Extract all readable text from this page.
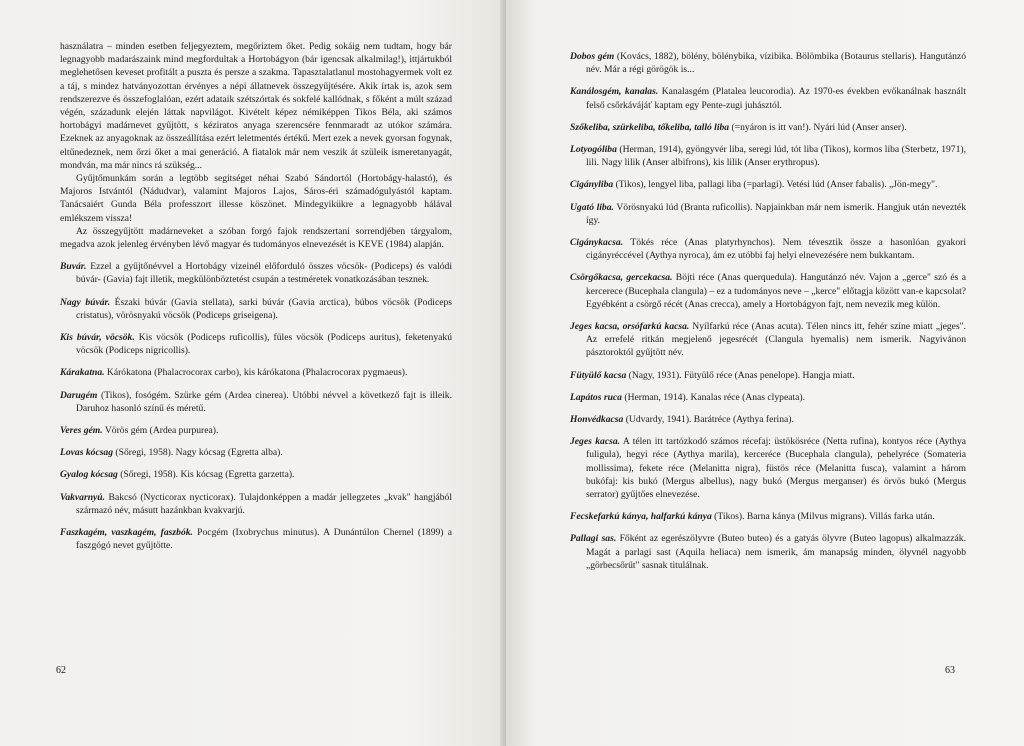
használatra – minden esetben feljegyeztem, megőriztem őket. Pedig sokáig nem tudtam, hogy bár legnagyobb madarászaink mind megfordultak a Hortobágyon (bár igencsak alkalmilag!), ittjártukból meglehetősen keveset profitált a puszta és persze a szakma. Tapasztalatlanul mostohagyermek volt ez a táj, s mindez hatványozottan érvényes a népi állatnevek összegyűjtésére. Akik írtak is, azok sem rendszerezve és összefoglalóan, ezért adataik szétszórtak és sokfelé kallódnak, s főként a múlt század végén, századunk elején láttak napvilágot. Kivételt képez némiképpen Tikos Béla, aki számos hortobágyi madárnevet gyűjtött, s kéziratos anyaga szerencsére fennmaradt az utókor számára. Ezeknek az anyagoknak az összeállítása ezért leletmentés értékű. Mert ezek a nevek gyorsan fogynak, eltűnedeznek, nem őrzi őket a mai generáció. A fiatalok már nem veszik át szüleik ismeretanyagát, mondván, ma már nincs rá szükség...

Gyűjtőmunkám során a legtöbb segítséget néhai Szabó Sándortól (Hortobágy-halastó), és Majoros Istvántól (Nádudvar), valamint Majoros Lajos, Sáros-éri számadógulyástól kaptam. Tanácsaiért Gunda Béla professzort illesse köszönet. Mindegyikükre a legnagyobb hálával emlékszem vissza!

Az összegyűjtött madárneveket a szóban forgó fajok rendszertani sorrendjében tárgyalom, megadva azok jelenleg érvényben lévő magyar és tudományos elnevezését is KEVE (1984) alapján.

Buvár. Ezzel a gyűjtőnévvel a Hortobágy vizeinél előforduló összes vöcsök- (Podiceps) és valódi búvár- (Gavia) fajt illetik, megkülönböztetést csupán a testméretek vonatkozásában tesznek.

Nagy búvár. Északi búvár (Gavia stellata), sarki búvár (Gavia arctica), búbos vöcsök (Podiceps cristatus), vörösnyakú vöcsök (Podiceps griseigena).

Kis búvár, vöcsök. Kis vöcsök (Podiceps ruficollis), füles vöcsök (Podiceps auritus), feketenyakú vöcsök (Podiceps nigricollis).

Kárakatna. Kárókatona (Phalacrocorax carbo), kis kárókatona (Phalacrocorax pygmaeus).

Darugém (Tikos), fosógém. Szürke gém (Ardea cinerea). Utóbbi névvel a következő fajt is illeik. Daruhoz hasonló színű és méretű.

Veres gém. Vörös gém (Ardea purpurea).

Lovas kócsag (Sőregi, 1958). Nagy kócsag (Egretta alba).

Gyalog kócsag (Sőregi, 1958). Kis kócsag (Egretta garzetta).

Vakvarnyú. Bakcsó (Nycticorax nycticorax). Tulajdonképpen a madár jellegzetes „kvak" hangjából származó név, másutt hazánkban kvakvarjú.

Faszkagém, vaszkagém, faszbók. Pocgém (Ixobrychus minutus). A Dunántúlon Chernel (1899) a faszgógó nevet gyűjtötte.

62

Dobos gém (Kovács, 1882), bölény, bölénybika, vízibika. Bölömbika (Botaurus stellaris). Hangutánzó név. Már a régi görögök is...

Kanálosgém, kanalas. Kanalasgém (Platalea leucorodia). Az 1970-es években evőkanálnak használt felső csőrkávájáť kaptam egy Pente-zugi juhásztól.

Szőkeliba, szürkeliba, tőkeliba, talló liba (=nyáron is itt van!). Nyári lúd (Anser anser).

Lotyogóliba (Herman, 1914), gyöngyvér liba, seregi lúd, tót liba (Tikos), kormos liba (Sterbetz, 1971), lili. Nagy lilik (Anser albifrons), kis lilik (Anser erythropus).

Cigányliba (Tikos), lengyel liba, pallagi liba (=parlagi). Vetési lúd (Anser fabalis). „Jön-megy".

Ugató liba. Vörösnyakú lúd (Branta ruficollis). Napjainkban már nem ismerik. Hangjuk után nevezték így.

Cigánykacsa. Tökés réce (Anas platyrhynchos). Nem tévesztik össze a hasonlóan gyakori cigányréccével (Aythya nyroca), ám ez utóbbi faj helyi elnevezésére nem bukkantam.

Csörgőkacsa, gercekacsa. Böjti réce (Anas querquedula). Hangutánzó név. Vajon a „gerce" szó és a kercerece (Bucephala clangula) – ez a tudományos neve – „kerce" előtagja között van-e kapcsolat? Egyébként a csörgő récét (Anas crecca), amely a Hortobágyon fajt, nem nevezik meg külön.

Jeges kacsa, orsófarkú kacsa. Nyílfarkú réce (Anas acuta). Télen nincs itt, fehér színe miatt „jeges". Az errefelé ritkán megjelenő jegesrécét (Clangula hyemalis) nem ismerik. Nagyivánon pásztoroktól gyűjtött név.

Fütyülő kacsa (Nagy, 1931). Fütyülő réce (Anas penelope). Hangja miatt.

Lapátos ruca (Herman, 1914). Kanalas réce (Anas clypeata).

Honvédkacsa (Udvardy, 1941). Barátréce (Aythya ferina).

Jeges kacsa. A télen itt tartózkodó számos récefaj: üstökösréce (Netta rufina), kontyos réce (Aythya fuligula), hegyi réce (Aythya marila), kerceréce (Bucephala clangula), pehelyréce (Somateria mollissima), fekete réce (Melanitta nigra), füstös réce (Melanitta fusca), valamint a három bukófaj: kis bukó (Mergus albellus), nagy bukó (Mergus merganser) és örvös bukó (Mergus serrator) gyűjtőes elnevezése.

Fecskefarkú kánya, halfarkú kánya (Tikos). Barna kánya (Milvus migrans). Villás farka után.

Pallagi sas. Főként az egerészölyvre (Buteo buteo) és a gatyás ölyvre (Buteo lagopus) alkalmazzák. Magát a parlagi sast (Aquila heliaca) nem ismerik, ám manapság minden, ölyvnél nagyobb „görbecsőrűt" sasnak titulálnak.

63
